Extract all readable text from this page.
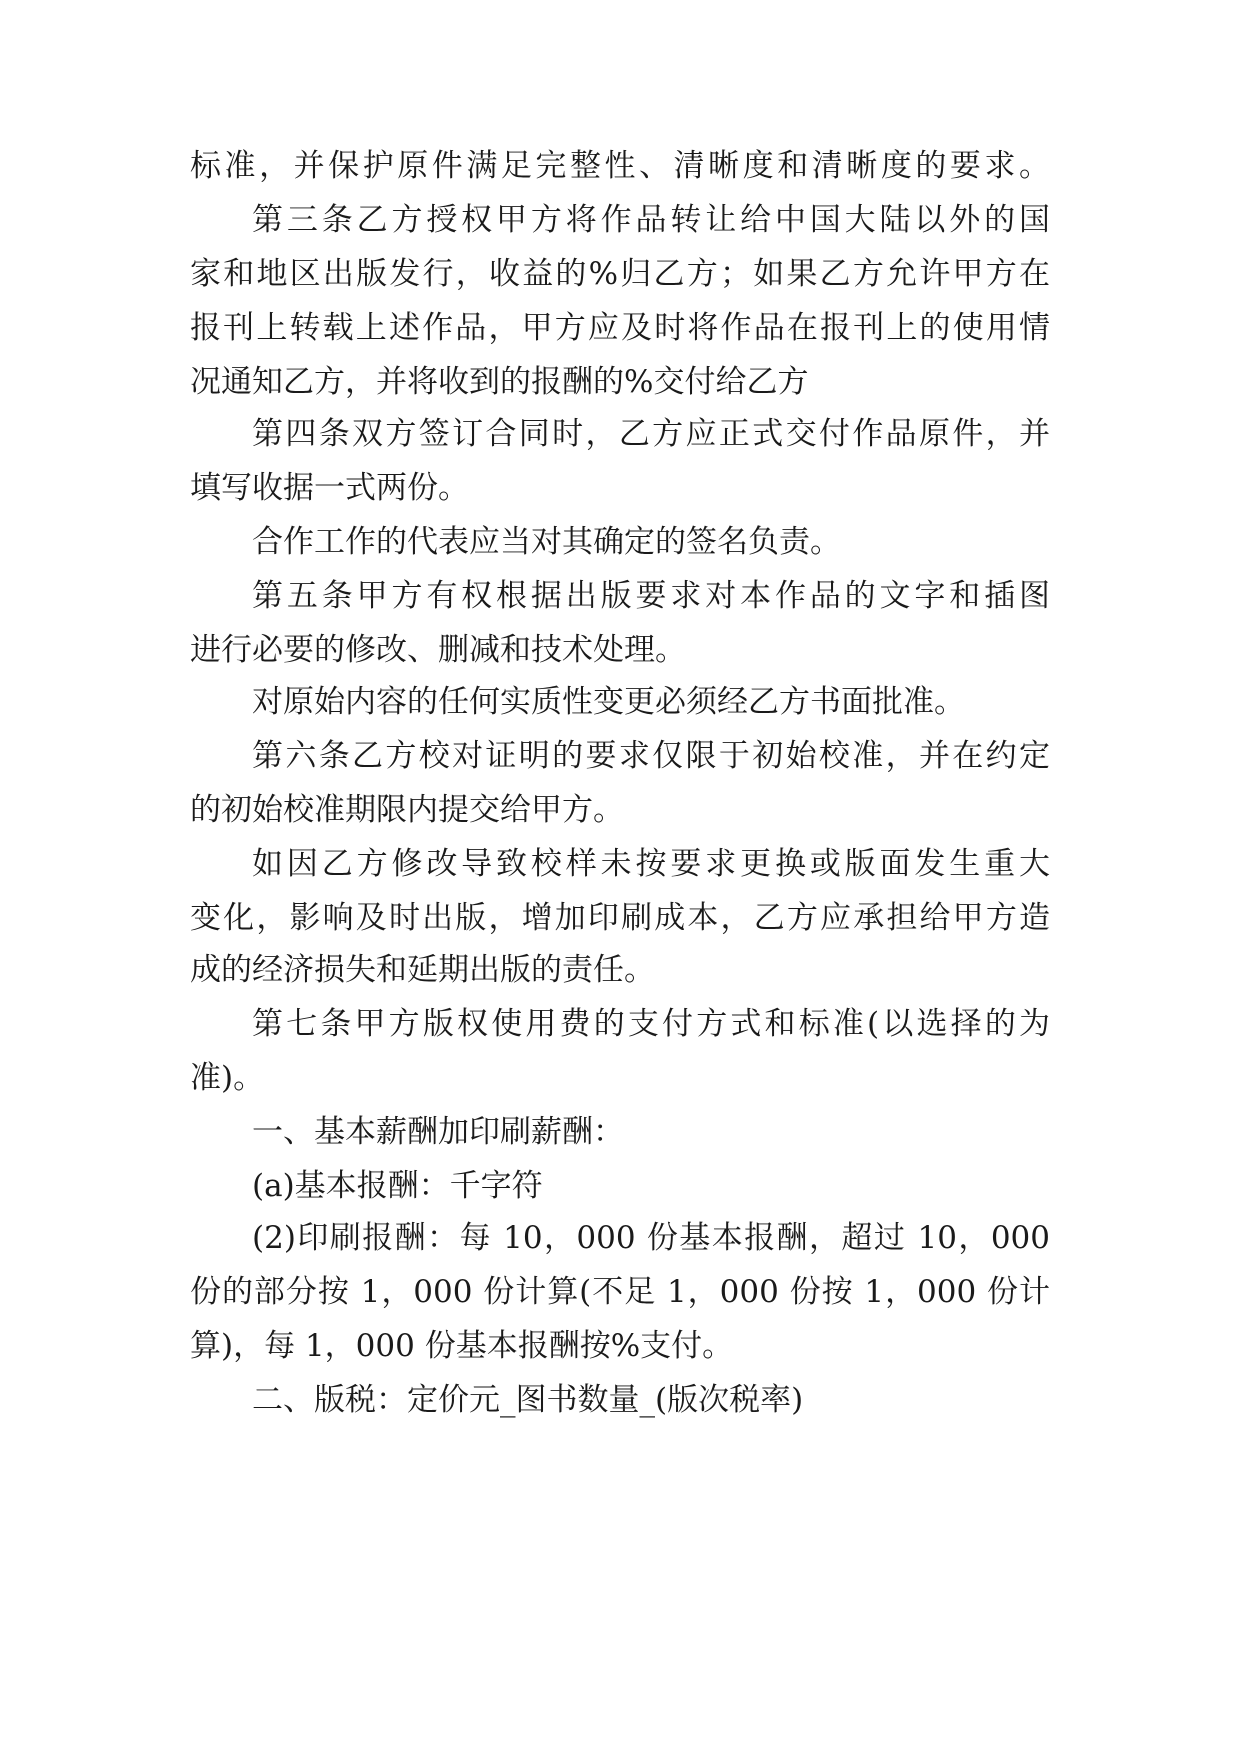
标准，并保护原件满足完整性、清晰度和清晰度的要求。
第三条乙方授权甲方将作品转让给中国大陆以外的国
家和地区出版发行，收益的%归乙方；如果乙方允许甲方在
报刊上转载上述作品，甲方应及时将作品在报刊上的使用情
况通知乙方，并将收到的报酬的%交付给乙方
第四条双方签订合同时，乙方应正式交付作品原件，并
填写收据一式两份。
合作工作的代表应当对其确定的签名负责。
第五条甲方有权根据出版要求对本作品的文字和插图
进行必要的修改、删减和技术处理。
对原始内容的任何实质性变更必须经乙方书面批准。
第六条乙方校对证明的要求仅限于初始校准，并在约定
的初始校准期限内提交给甲方。
如因乙方修改导致校样未按要求更换或版面发生重大
变化，影响及时出版，增加印刷成本，乙方应承担给甲方造
成的经济损失和延期出版的责任。
第七条甲方版权使用费的支付方式和标准(以选择的为
准)。
一、基本薪酬加印刷薪酬：
(a)基本报酬：千字符
(2)印刷报酬：每 10，000 份基本报酬，超过 10，000
份的部分按 1，000 份计算(不足 1，000 份按 1，000 份计
算)，每 1，000 份基本报酬按%支付。
二、版税：定价元_图书数量_(版次税率)
